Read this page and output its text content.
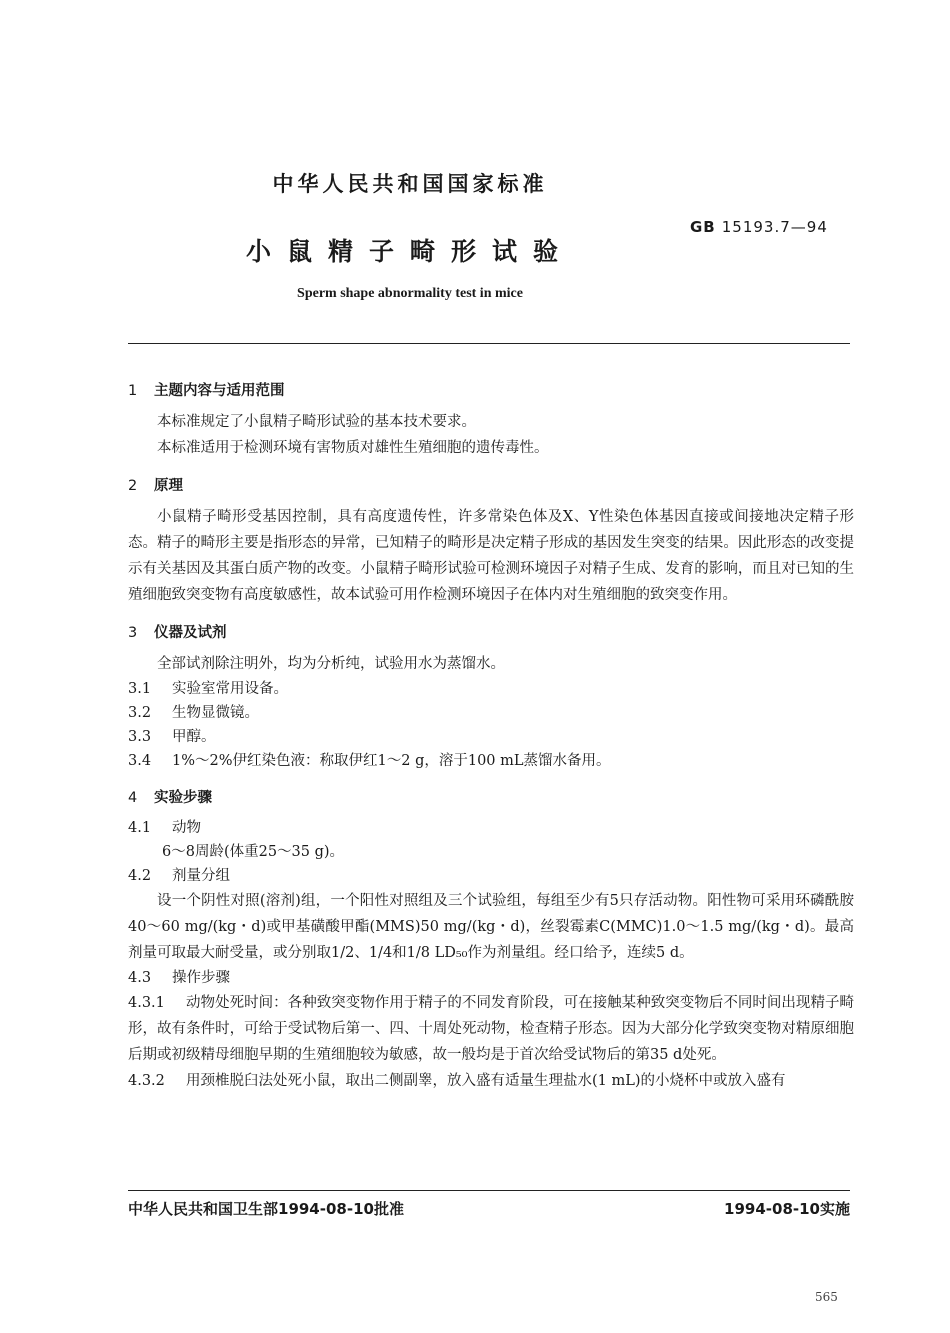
中华人民共和国国家标准
GB 15193.7—94
小鼠精子畸形试验
Sperm shape abnormality test in mice

1 主题内容与适用范围

本标准规定了小鼠精子畸形试验的基本技术要求。

本标准适用于检测环境有害物质对雄性生殖细胞的遗传毒性。

2 原理

小鼠精子畸形受基因控制，具有高度遗传性，许多常染色体及X、Y性染色体基因直接或间接地决定精子形态。精子的畸形主要是指形态的异常，已知精子的畸形是决定精子形成的基因发生突变的结果。因此形态的改变提示有关基因及其蛋白质产物的改变。小鼠精子畸形试验可检测环境因子对精子生成、发育的影响，而且对已知的生殖细胞致突变物有高度敏感性，故本试验可用作检测环境因子在体内对生殖细胞的致突变作用。

3 仪器及试剂

全部试剂除注明外，均为分析纯，试验用水为蒸馏水。

3.1 实验室常用设备。

3.2 生物显微镜。

3.3 甲醇。

3.4 1%～2%伊红染色液：称取伊红1～2 g，溶于100 mL蒸馏水备用。

4 实验步骤

4.1 动物

6～8周龄(体重25～35 g)。

4.2 剂量分组

设一个阴性对照(溶剂)组，一个阳性对照组及三个试验组，每组至少有5只存活动物。阳性物可采用环磷酰胺40～60 mg/(kg・d)或甲基磺酸甲酯(MMS)50 mg/(kg・d)，丝裂霉素C(MMC)1.0～1.5 mg/(kg・d)。最高剂量可取最大耐受量，或分别取1/2、1/4和1/8 LD₅₀作为剂量组。经口给予，连续5 d。

4.3 操作步骤

4.3.1 动物处死时间：各种致突变物作用于精子的不同发育阶段，可在接触某种致突变物后不同时间出现精子畸形，故有条件时，可给于受试物后第一、四、十周处死动物，检查精子形态。因为大部分化学致突变物对精原细胞后期或初级精母细胞早期的生殖细胞较为敏感，故一般均是于首次给受试物后的第35 d处死。

4.3.2 用颈椎脱臼法处死小鼠，取出二侧副睾，放入盛有适量生理盐水(1 mL)的小烧杯中或放入盛有

中华人民共和国卫生部1994-08-10批准	1994-08-10实施
565
